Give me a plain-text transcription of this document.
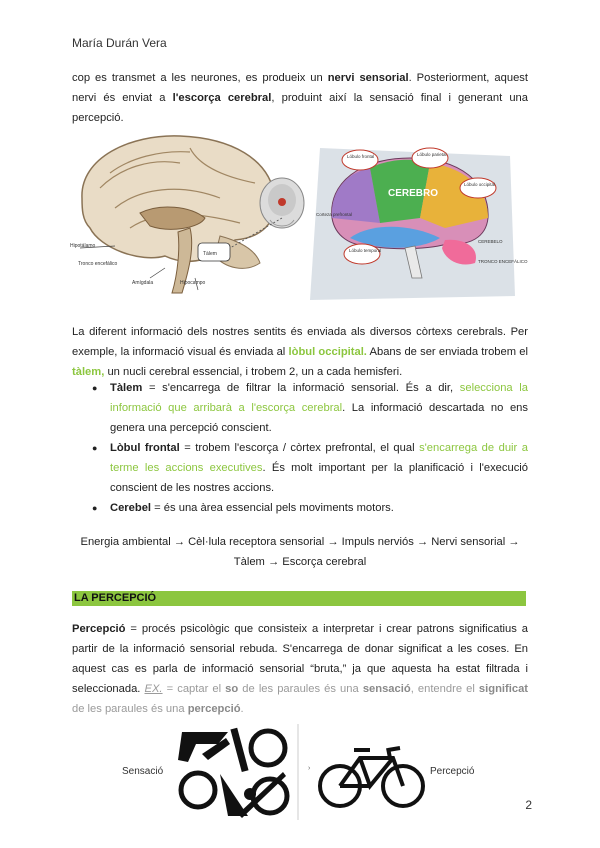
María Durán Vera
cop es transmet a les neurones, es produeix un nervi sensorial. Posteriorment, aquest nervi és enviat a l'escorça cerebral, produint així la sensació final i generant una percepció.
Hipotálamo
Tronco encefálico
Amígdala	Hipocampo
Tàlem
CEREBRO
Lóbulo frontal	Lóbulo parietal
Lóbulo occipital
Corteza prefrontal
Lóbulo temporal
CEREBELO
TRONCO ENCEFÁLICO
La diferent informació dels nostres sentits és enviada als diversos còrtexs cerebrals. Per exemple, la informació visual és enviada al lòbul occipital. Abans de ser enviada trobem el tàlem, un nucli cerebral essencial, i trobem 2, un a cada hemisferi.
● Tàlem = s'encarrega de filtrar la informació sensorial. És a dir, selecciona la informació que arribarà a l'escorça cerebral. La informació descartada no ens genera una percepció conscient.
● Lòbul frontal = trobem l'escorça / còrtex prefrontal, el qual s'encarrega de duir a terme les accions executives. És molt important per la planificació i l'execució conscient de les nostres accions.
● Cerebel = és una àrea essencial pels moviments motors.
Energia ambiental → Cèl·lula receptora sensorial → Impuls nerviós → Nervi sensorial →
Tàlem → Escorça cerebral
LA PERCEPCIÓ
Percepció = procés psicològic que consisteix a interpretar i crear patrons significatius a partir de la informació sensorial rebuda. S'encarrega de donar significat a les coses. En aquest cas es parla de informació sensorial “bruta,” ja que aquesta ha estat filtrada i seleccionada. EX. = captar el so de les paraules és una sensació, entendre el significat de les paraules és una percepció.
Sensació	›	Percepció
2
